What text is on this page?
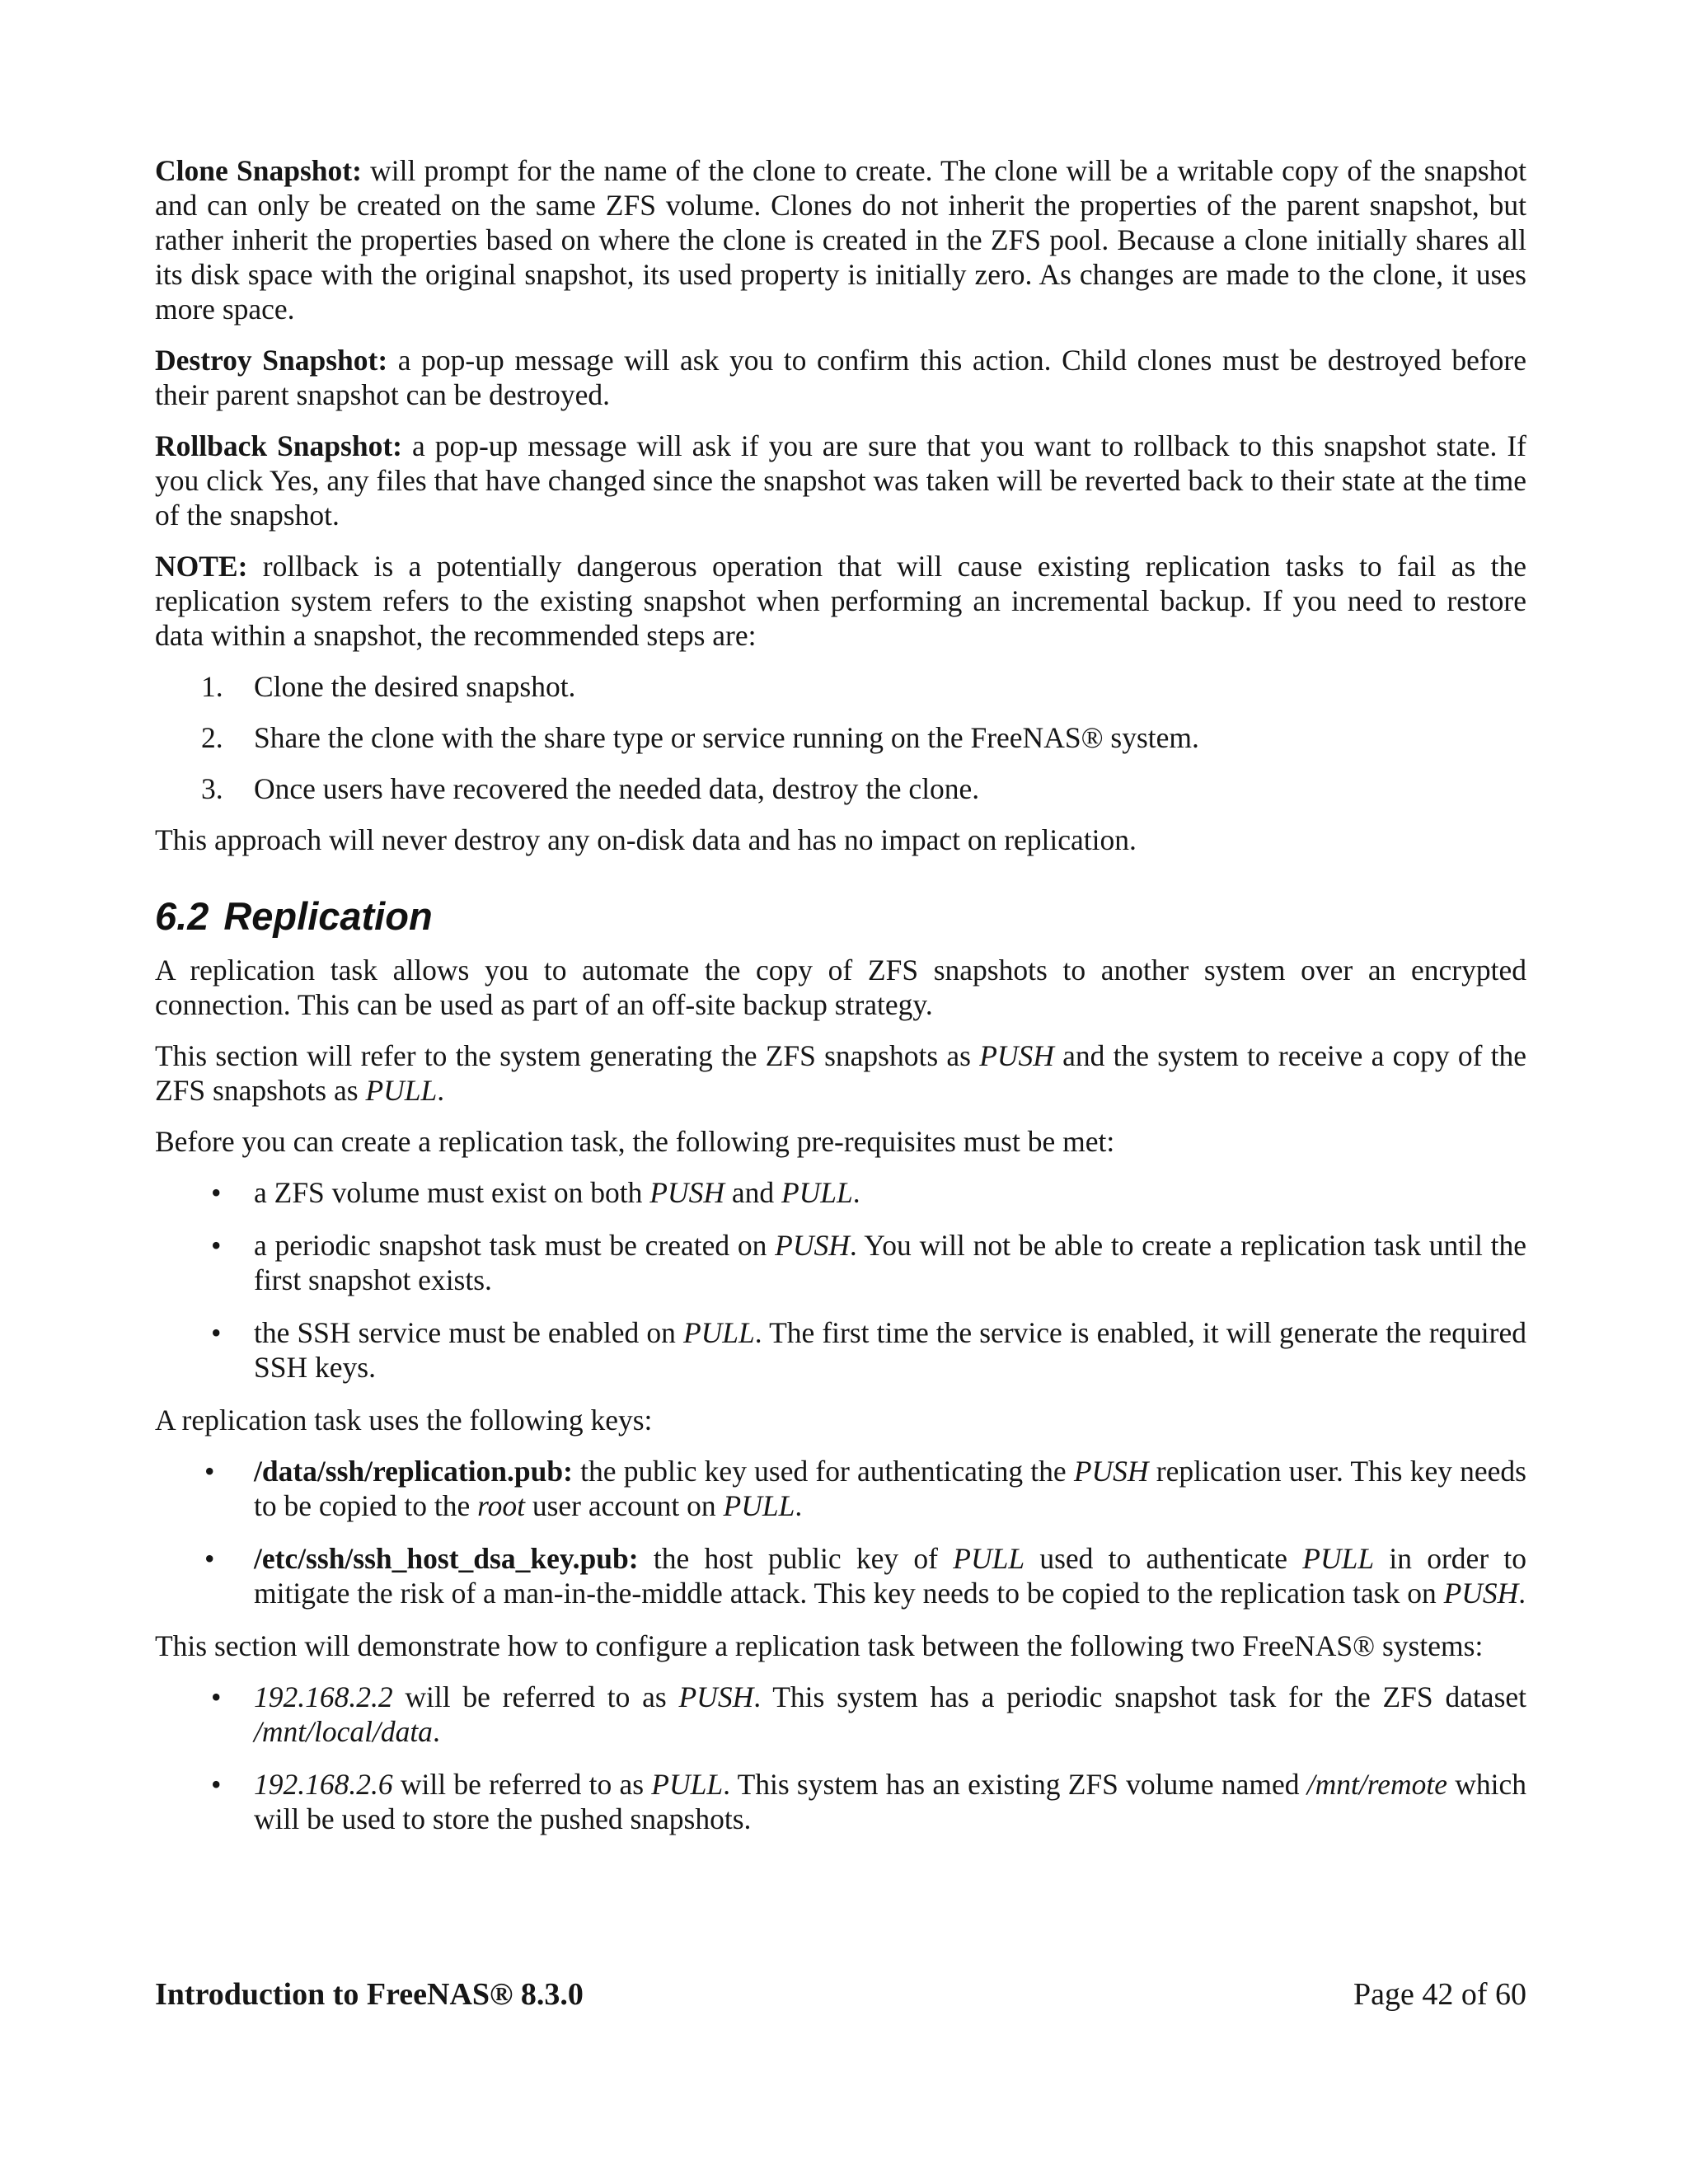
Clone Snapshot: will prompt for the name of the clone to create. The clone will be a writable copy of the snapshot and can only be created on the same ZFS volume. Clones do not inherit the properties of the parent snapshot, but rather inherit the properties based on where the clone is created in the ZFS pool. Because a clone initially shares all its disk space with the original snapshot, its used property is initially zero. As changes are made to the clone, it uses more space.

Destroy Snapshot: a pop-up message will ask you to confirm this action. Child clones must be destroyed before their parent snapshot can be destroyed.

Rollback Snapshot: a pop-up message will ask if you are sure that you want to rollback to this snapshot state. If you click Yes, any files that have changed since the snapshot was taken will be reverted back to their state at the time of the snapshot.

NOTE: rollback is a potentially dangerous operation that will cause existing replication tasks to fail as the replication system refers to the existing snapshot when performing an incremental backup. If you need to restore data within a snapshot, the recommended steps are:

1. Clone the desired snapshot.
2. Share the clone with the share type or service running on the FreeNAS® system.
3. Once users have recovered the needed data, destroy the clone.

This approach will never destroy any on-disk data and has no impact on replication.

6.2 Replication

A replication task allows you to automate the copy of ZFS snapshots to another system over an encrypted connection. This can be used as part of an off-site backup strategy.

This section will refer to the system generating the ZFS snapshots as PUSH and the system to receive a copy of the ZFS snapshots as PULL.

Before you can create a replication task, the following pre-requisites must be met:

• a ZFS volume must exist on both PUSH and PULL.
• a periodic snapshot task must be created on PUSH. You will not be able to create a replication task until the first snapshot exists.
• the SSH service must be enabled on PULL. The first time the service is enabled, it will generate the required SSH keys.

A replication task uses the following keys:

• /data/ssh/replication.pub: the public key used for authenticating the PUSH replication user. This key needs to be copied to the root user account on PULL.
• /etc/ssh/ssh_host_dsa_key.pub: the host public key of PULL used to authenticate PULL in order to mitigate the risk of a man-in-the-middle attack. This key needs to be copied to the replication task on PUSH.

This section will demonstrate how to configure a replication task between the following two FreeNAS® systems:

• 192.168.2.2 will be referred to as PUSH. This system has a periodic snapshot task for the ZFS dataset /mnt/local/data.
• 192.168.2.6 will be referred to as PULL. This system has an existing ZFS volume named /mnt/remote which will be used to store the pushed snapshots.
Introduction to FreeNAS® 8.3.0	Page 42 of 60
